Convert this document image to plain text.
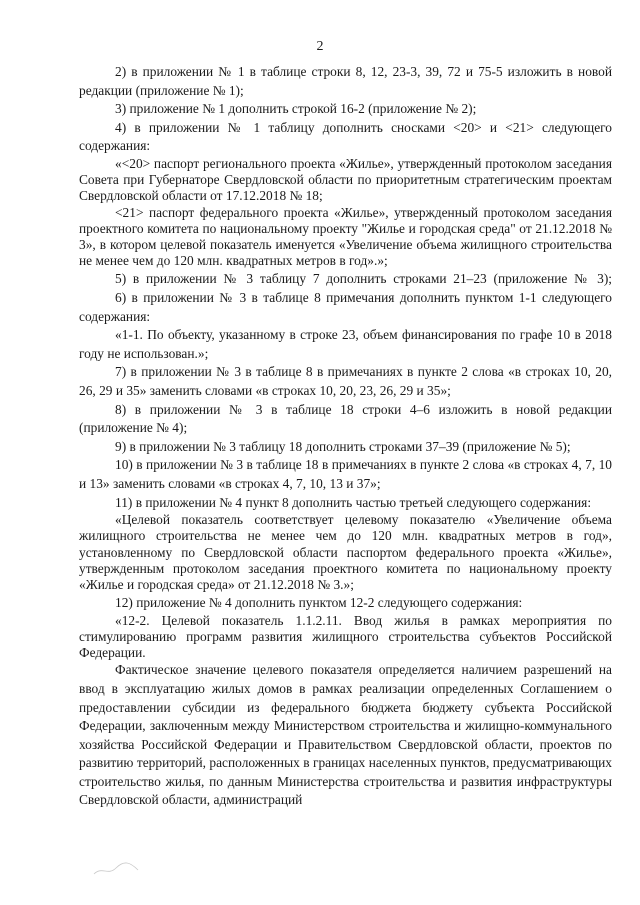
2

2) в приложении № 1 в таблице строки 8, 12, 23-3, 39, 72 и 75-5 изложить в новой редакции (приложение № 1);

3) приложение № 1 дополнить строкой 16-2 (приложение № 2);

4) в приложении № 1 таблицу дополнить сносками <20> и <21> следующего содержания:

«<20> паспорт регионального проекта «Жилье», утвержденный протоколом заседания Совета при Губернаторе Свердловской области по приоритетным стратегическим проектам Свердловской области от 17.12.2018 № 18;

<21> паспорт федерального проекта «Жилье», утвержденный протоколом заседания проектного комитета по национальному проекту "Жилье и городская среда" от 21.12.2018 № 3», в котором целевой показатель именуется «Увеличение объема жилищного строительства не менее чем до 120 млн. квадратных метров в год».»;

5) в приложении № 3 таблицу 7 дополнить строками 21–23 (приложение № 3);

6) в приложении № 3 в таблице 8 примечания дополнить пунктом 1-1 следующего содержания:

«1-1. По объекту, указанному в строке 23, объем финансирования по графе 10 в 2018 году не использован.»;

7) в приложении № 3 в таблице 8 в примечаниях в пункте 2 слова «в строках 10, 20, 26, 29 и 35» заменить словами «в строках 10, 20, 23, 26, 29 и 35»;

8) в приложении № 3 в таблице 18 строки 4–6 изложить в новой редакции (приложение № 4);

9) в приложении № 3 таблицу 18 дополнить строками 37–39 (приложение № 5);

10) в приложении № 3 в таблице 18 в примечаниях в пункте 2 слова «в строках 4, 7, 10 и 13» заменить словами «в строках 4, 7, 10, 13 и 37»;

11) в приложении № 4 пункт 8 дополнить частью третьей следующего содержания:

«Целевой показатель соответствует целевому показателю «Увеличение объема жилищного строительства не менее чем до 120 млн. квадратных метров в год», установленному по Свердловской области паспортом федерального проекта «Жилье», утвержденным протоколом заседания проектного комитета по национальному проекту «Жилье и городская среда» от 21.12.2018 № 3.»;

12) приложение № 4 дополнить пунктом 12-2 следующего содержания:

«12-2. Целевой показатель 1.1.2.11. Ввод жилья в рамках мероприятия по стимулированию программ развития жилищного строительства субъектов Российской Федерации.

Фактическое значение целевого показателя определяется наличием разрешений на ввод в эксплуатацию жилых домов в рамках реализации определенных Соглашением о предоставлении субсидии из федерального бюджета бюджету субъекта Российской Федерации, заключенным между Министерством строительства и жилищно-коммунального хозяйства Российской Федерации и Правительством Свердловской области, проектов по развитию территорий, расположенных в границах населенных пунктов, предусматривающих строительство жилья, по данным Министерства строительства и развития инфраструктуры Свердловской области, администраций
